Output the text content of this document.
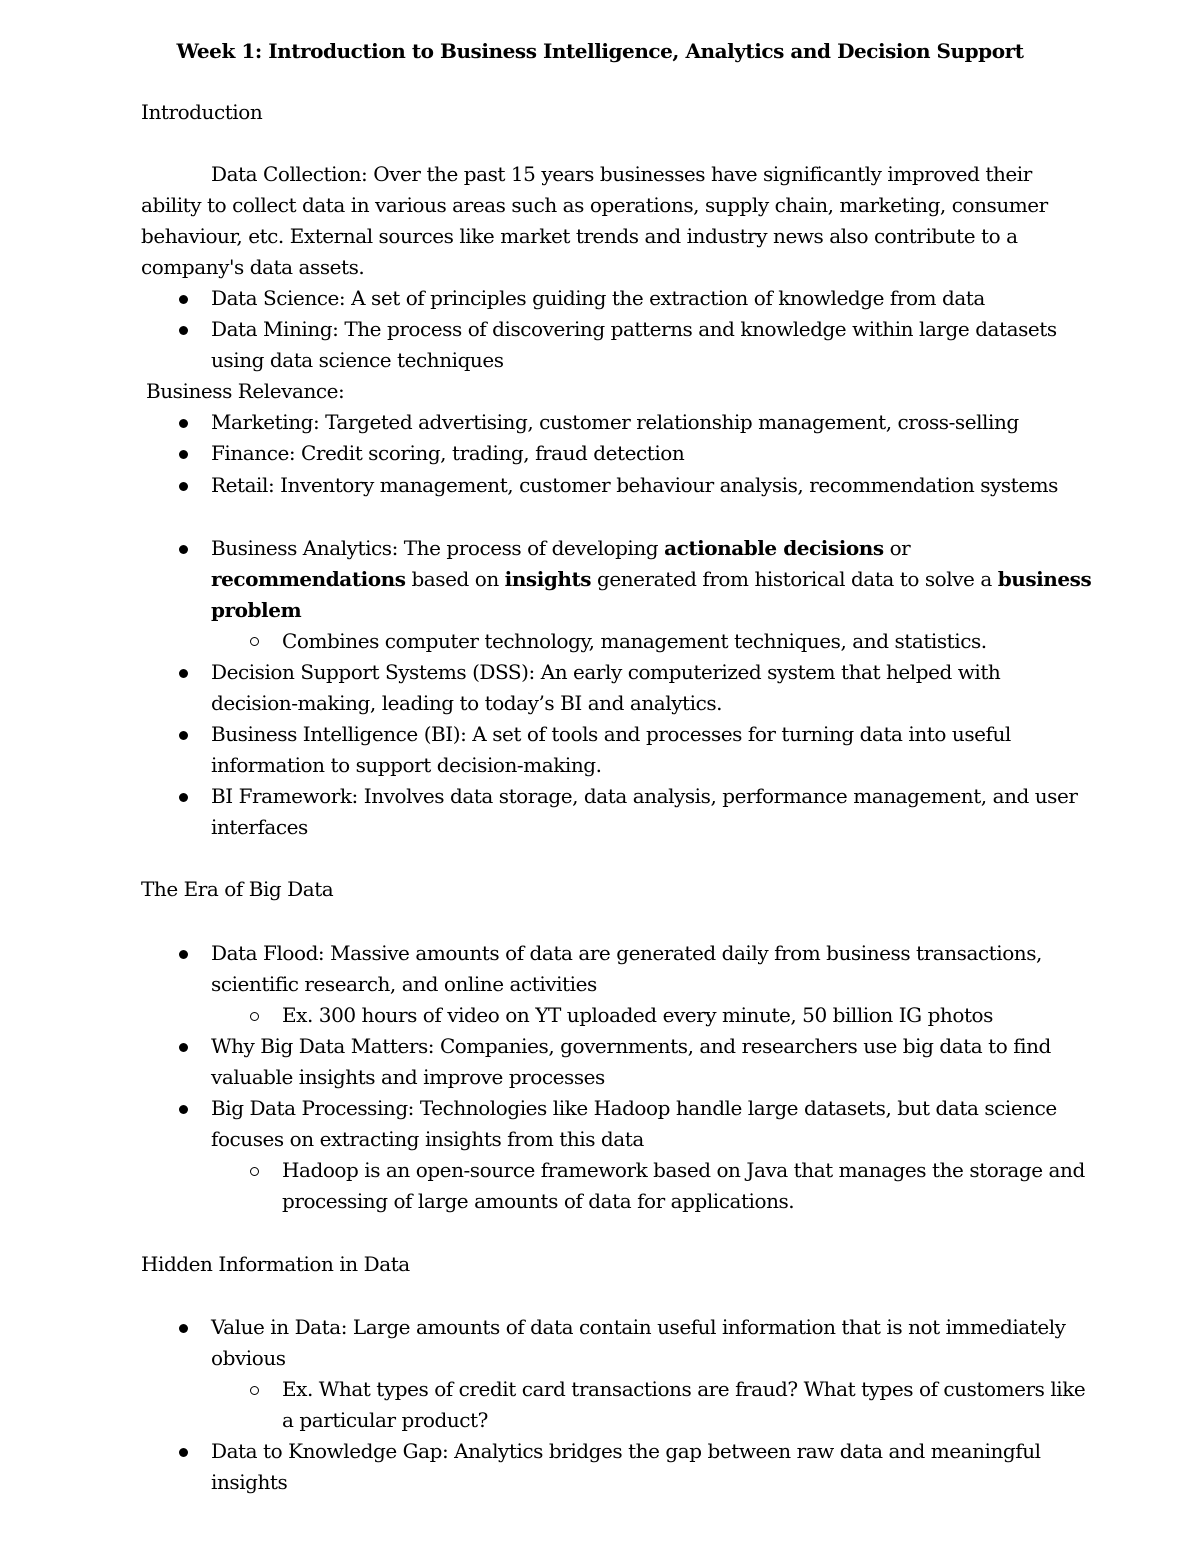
Week 1: Introduction to Business Intelligence, Analytics and Decision Support
Introduction
Data Collection: Over the past 15 years businesses have significantly improved their
ability to collect data in various areas such as operations, supply chain, marketing, consumer
behaviour, etc. External sources like market trends and industry news also contribute to a
company's data assets.
Data Science: A set of principles guiding the extraction of knowledge from data
Data Mining: The process of discovering patterns and knowledge within large datasets
using data science techniques
Business Relevance:
Marketing: Targeted advertising, customer relationship management, cross-selling
Finance: Credit scoring, trading, fraud detection
Retail: Inventory management, customer behaviour analysis, recommendation systems
Business Analytics: The process of developing actionable decisions or
recommendations based on insights generated from historical data to solve a business
problem
Combines computer technology, management techniques, and statistics.
Decision Support Systems (DSS): An early computerized system that helped with
decision-making, leading to today’s BI and analytics.
Business Intelligence (BI): A set of tools and processes for turning data into useful
information to support decision-making.
BI Framework: Involves data storage, data analysis, performance management, and user
interfaces
The Era of Big Data
Data Flood: Massive amounts of data are generated daily from business transactions,
scientific research, and online activities
Ex. 300 hours of video on YT uploaded every minute, 50 billion IG photos
Why Big Data Matters: Companies, governments, and researchers use big data to find
valuable insights and improve processes
Big Data Processing: Technologies like Hadoop handle large datasets, but data science
focuses on extracting insights from this data
Hadoop is an open-source framework based on Java that manages the storage and
processing of large amounts of data for applications.
Hidden Information in Data
Value in Data: Large amounts of data contain useful information that is not immediately
obvious
Ex. What types of credit card transactions are fraud? What types of customers like
a particular product?
Data to Knowledge Gap: Analytics bridges the gap between raw data and meaningful
insights
